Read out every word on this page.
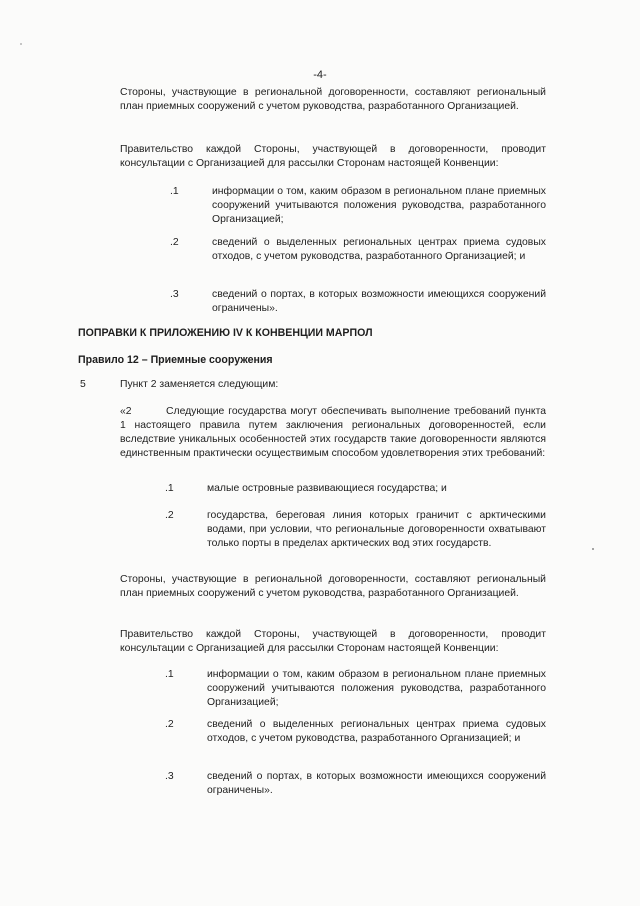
-4-
Стороны, участвующие в региональной договоренности, составляют региональный план приемных сооружений с учетом руководства, разработанного Организацией.
Правительство каждой Стороны, участвующей в договоренности, проводит консультации с Организацией для рассылки Сторонам настоящей Конвенции:
.1	информации о том, каким образом в региональном плане приемных сооружений учитываются положения руководства, разработанного Организацией;
.2	сведений о выделенных региональных центрах приема судовых отходов, с учетом руководства, разработанного Организацией; и
.3	сведений о портах, в которых возможности имеющихся сооружений ограничены».
ПОПРАВКИ К ПРИЛОЖЕНИЮ IV К КОНВЕНЦИИ МАРПОЛ
Правило 12 – Приемные сооружения
5	Пункт 2 заменяется следующим:
«2	Следующие государства могут обеспечивать выполнение требований пункта 1 настоящего правила путем заключения региональных договоренностей, если вследствие уникальных особенностей этих государств такие договоренности являются единственным практически осуществимым способом удовлетворения этих требований:
.1	малые островные развивающиеся государства; и
.2	государства, береговая линия которых граничит с арктическими водами, при условии, что региональные договоренности охватывают только порты в пределах арктических вод этих государств.
Стороны, участвующие в региональной договоренности, составляют региональный план приемных сооружений с учетом руководства, разработанного Организацией.
Правительство каждой Стороны, участвующей в договоренности, проводит консультации с Организацией для рассылки Сторонам настоящей Конвенции:
.1	информации о том, каким образом в региональном плане приемных сооружений учитываются положения руководства, разработанного Организацией;
.2	сведений о выделенных региональных центрах приема судовых отходов, с учетом руководства, разработанного Организацией; и
.3	сведений о портах, в которых возможности имеющихся сооружений ограничены».
